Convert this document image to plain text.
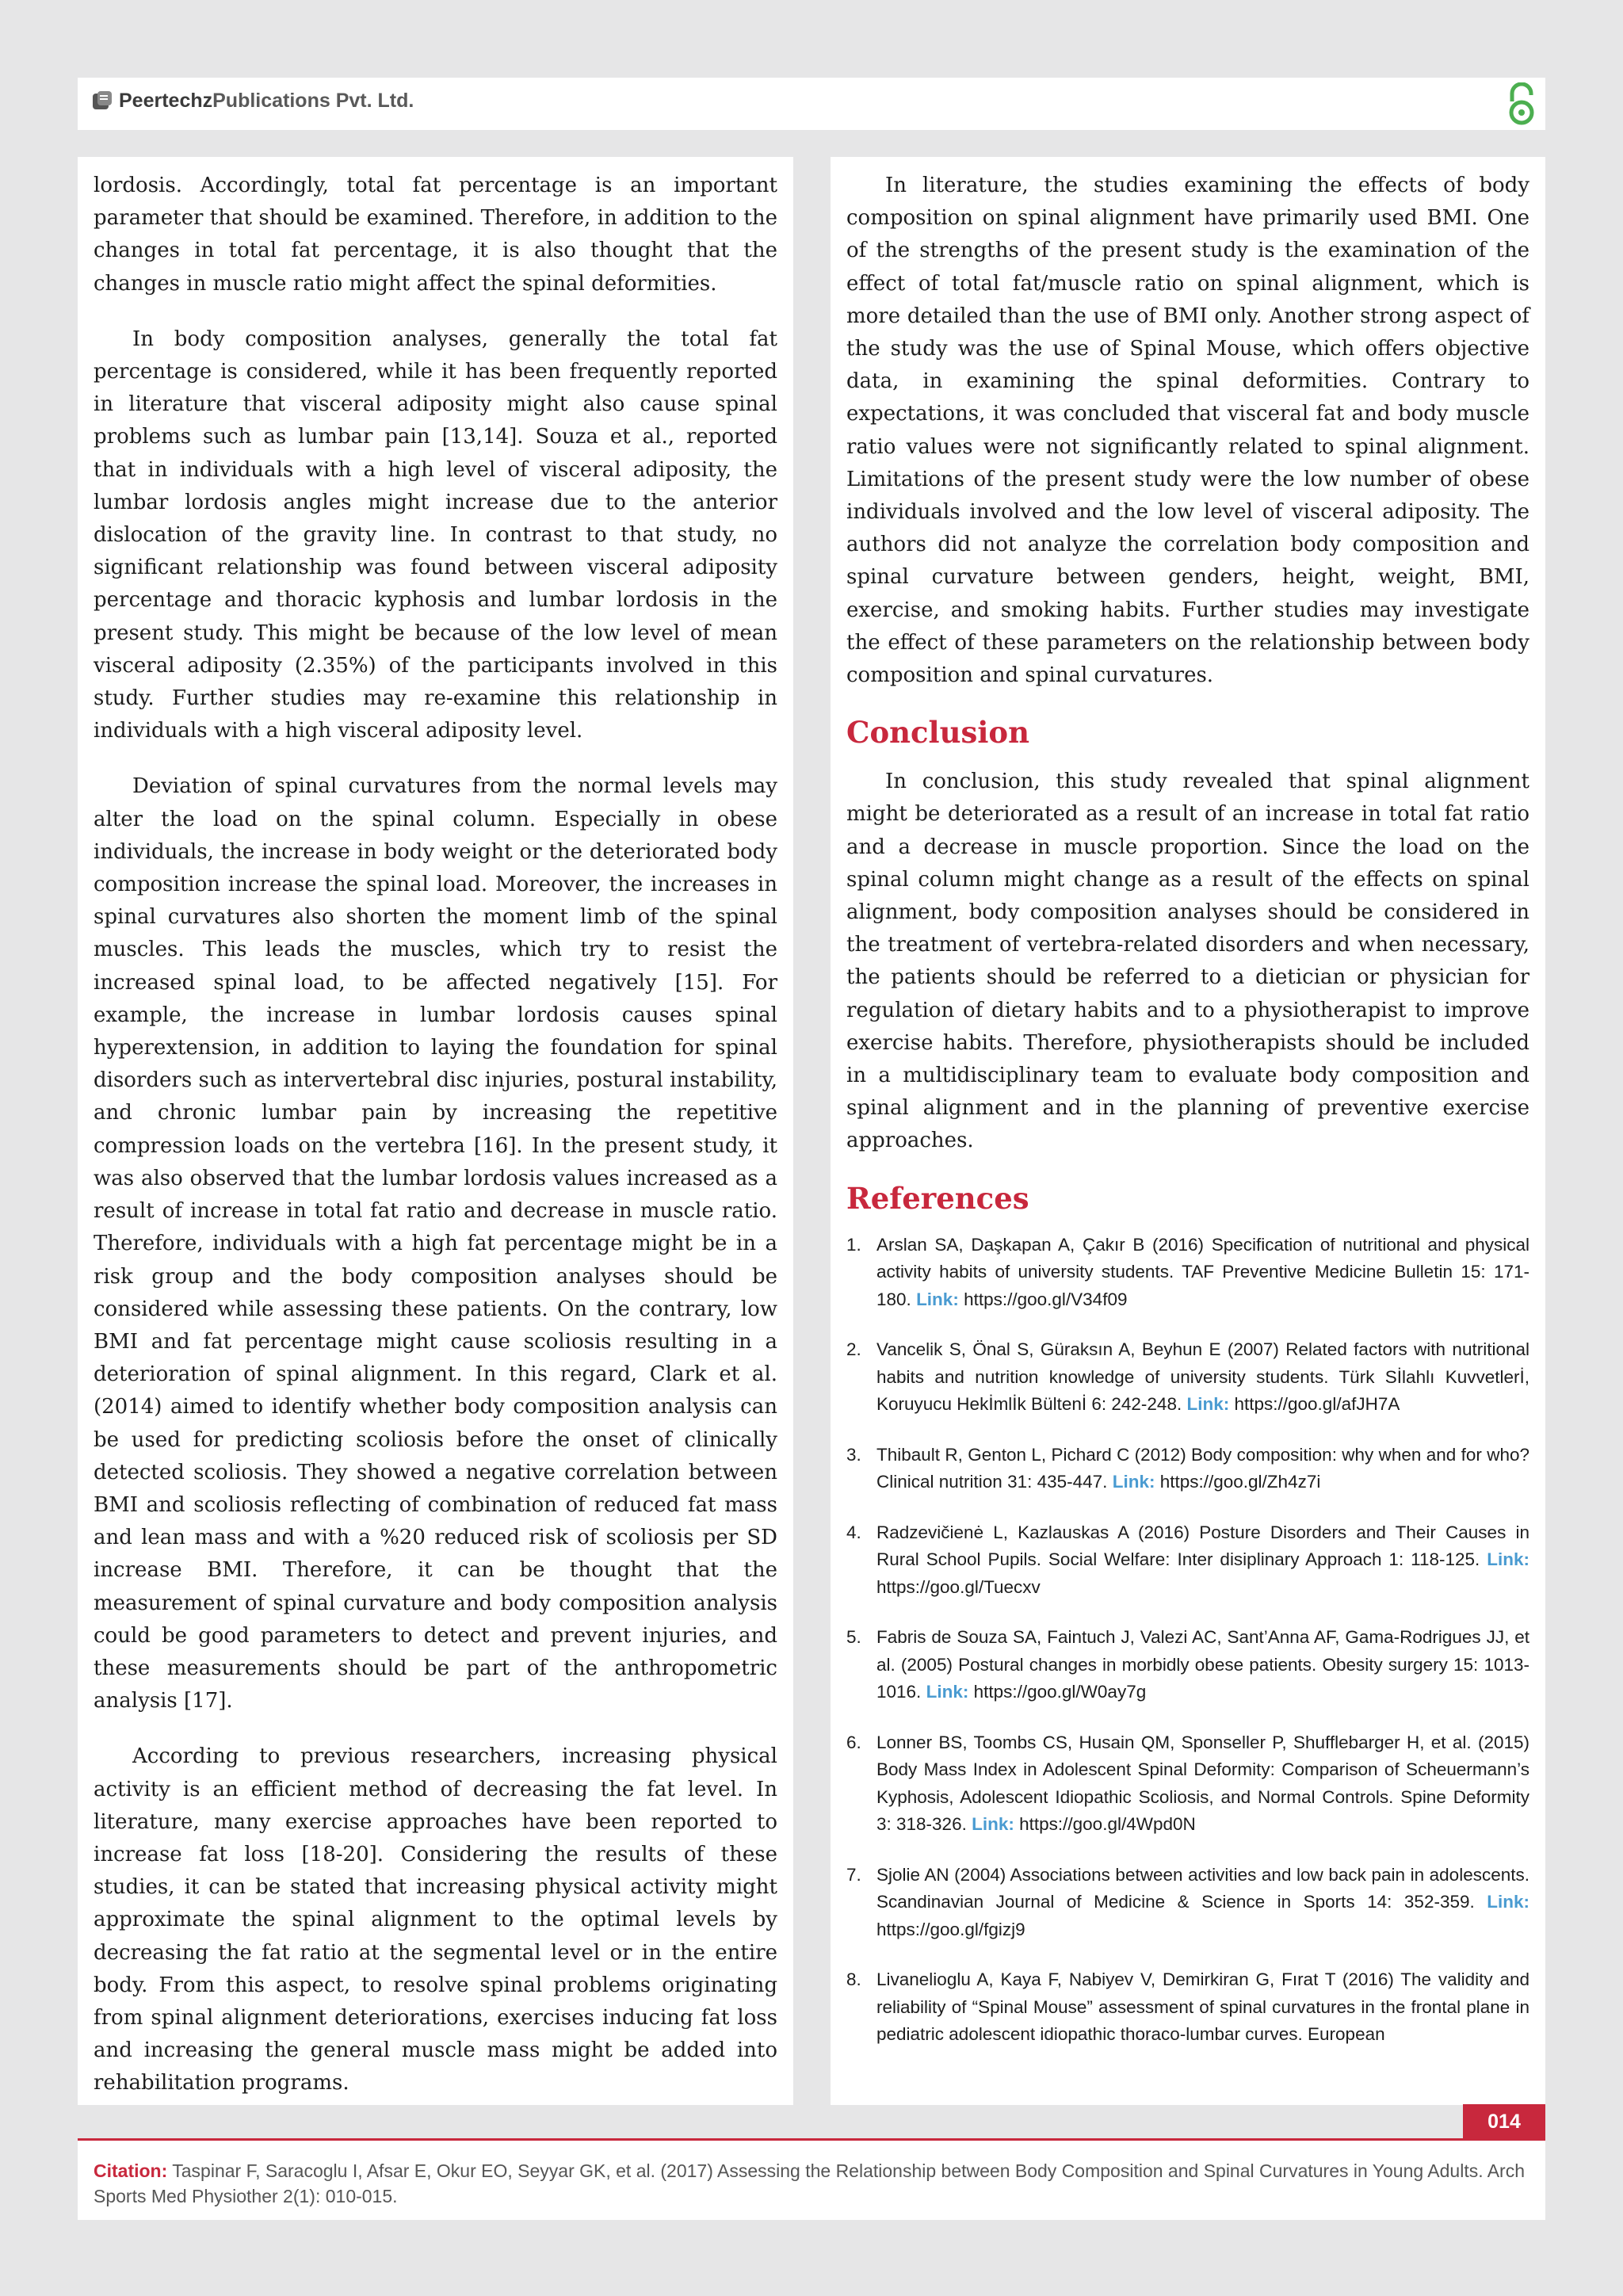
Peertechz Publications Pvt. Ltd.

lordosis. Accordingly, total fat percentage is an important parameter that should be examined. Therefore, in addition to the changes in total fat percentage, it is also thought that the changes in muscle ratio might affect the spinal deformities.

In body composition analyses, generally the total fat percentage is considered, while it has been frequently reported in literature that visceral adiposity might also cause spinal problems such as lumbar pain [13,14]. Souza et al., reported that in individuals with a high level of visceral adiposity, the lumbar lordosis angles might increase due to the anterior dislocation of the gravity line. In contrast to that study, no significant relationship was found between visceral adiposity percentage and thoracic kyphosis and lumbar lordosis in the present study. This might be because of the low level of mean visceral adiposity (2.35%) of the participants involved in this study. Further studies may re-examine this relationship in individuals with a high visceral adiposity level.

Deviation of spinal curvatures from the normal levels may alter the load on the spinal column. Especially in obese individuals, the increase in body weight or the deteriorated body composition increase the spinal load. Moreover, the increases in spinal curvatures also shorten the moment limb of the spinal muscles. This leads the muscles, which try to resist the increased spinal load, to be affected negatively [15]. For example, the increase in lumbar lordosis causes spinal hyperextension, in addition to laying the foundation for spinal disorders such as intervertebral disc injuries, postural instability, and chronic lumbar pain by increasing the repetitive compression loads on the vertebra [16]. In the present study, it was also observed that the lumbar lordosis values increased as a result of increase in total fat ratio and decrease in muscle ratio. Therefore, individuals with a high fat percentage might be in a risk group and the body composition analyses should be considered while assessing these patients. On the contrary, low BMI and fat percentage might cause scoliosis resulting in a deterioration of spinal alignment. In this regard, Clark et al. (2014) aimed to identify whether body composition analysis can be used for predicting scoliosis before the onset of clinically detected scoliosis. They showed a negative correlation between BMI and scoliosis reflecting of combination of reduced fat mass and lean mass and with a %20 reduced risk of scoliosis per SD increase BMI. Therefore, it can be thought that the measurement of spinal curvature and body composition analysis could be good parameters to detect and prevent injuries, and these measurements should be part of the anthropometric analysis [17].

According to previous researchers, increasing physical activity is an efficient method of decreasing the fat level. In literature, many exercise approaches have been reported to increase fat loss [18-20]. Considering the results of these studies, it can be stated that increasing physical activity might approximate the spinal alignment to the optimal levels by decreasing the fat ratio at the segmental level or in the entire body. From this aspect, to resolve spinal problems originating from spinal alignment deteriorations, exercises inducing fat loss and increasing the general muscle mass might be added into rehabilitation programs.

In literature, the studies examining the effects of body composition on spinal alignment have primarily used BMI. One of the strengths of the present study is the examination of the effect of total fat/muscle ratio on spinal alignment, which is more detailed than the use of BMI only. Another strong aspect of the study was the use of Spinal Mouse, which offers objective data, in examining the spinal deformities. Contrary to expectations, it was concluded that visceral fat and body muscle ratio values were not significantly related to spinal alignment. Limitations of the present study were the low number of obese individuals involved and the low level of visceral adiposity. The authors did not analyze the correlation body composition and spinal curvature between genders, height, weight, BMI, exercise, and smoking habits. Further studies may investigate the effect of these parameters on the relationship between body composition and spinal curvatures.

Conclusion

In conclusion, this study revealed that spinal alignment might be deteriorated as a result of an increase in total fat ratio and a decrease in muscle proportion. Since the load on the spinal column might change as a result of the effects on spinal alignment, body composition analyses should be considered in the treatment of vertebra-related disorders and when necessary, the patients should be referred to a dietician or physician for regulation of dietary habits and to a physiotherapist to improve exercise habits. Therefore, physiotherapists should be included in a multidisciplinary team to evaluate body composition and spinal alignment and in the planning of preventive exercise approaches.

References
1. Arslan SA, Daşkapan A, Çakır B (2016) Specification of nutritional and physical activity habits of university students. TAF Preventive Medicine Bulletin 15: 171-180. Link: https://goo.gl/V34f09
2. Vancelik S, Önal S, Güraksın A, Beyhun E (2007) Related factors with nutritional habits and nutrition knowledge of university students. Türk Sİlahlı Kuvvetlerİ, Koruyucu Hekİmlİk Bültenİ 6: 242-248. Link: https://goo.gl/afJH7A
3. Thibault R, Genton L, Pichard C (2012) Body composition: why when and for who? Clinical nutrition 31: 435-447. Link: https://goo.gl/Zh4z7i
4. Radzevičienė L, Kazlauskas A (2016) Posture Disorders and Their Causes in Rural School Pupils. Social Welfare: Inter disiplinary Approach 1: 118-125. Link: https://goo.gl/Tuecxv
5. Fabris de Souza SA, Faintuch J, Valezi AC, Sant’Anna AF, Gama-Rodrigues JJ, et al. (2005) Postural changes in morbidly obese patients. Obesity surgery 15: 1013-1016. Link: https://goo.gl/W0ay7g
6. Lonner BS, Toombs CS, Husain QM, Sponseller P, Shufflebarger H, et al. (2015) Body Mass Index in Adolescent Spinal Deformity: Comparison of Scheuermann’s Kyphosis, Adolescent Idiopathic Scoliosis, and Normal Controls. Spine Deformity 3: 318-326. Link: https://goo.gl/4Wpd0N
7. Sjolie AN (2004) Associations between activities and low back pain in adolescents. Scandinavian Journal of Medicine & Science in Sports 14: 352-359. Link: https://goo.gl/fgizj9
8. Livanelioglu A, Kaya F, Nabiyev V, Demirkiran G, Fırat T (2016) The validity and reliability of “Spinal Mouse” assessment of spinal curvatures in the frontal plane in pediatric adolescent idiopathic thoraco-lumbar curves. European
014
Citation: Taspinar F, Saracoglu I, Afsar E, Okur EO, Seyyar GK, et al. (2017) Assessing the Relationship between Body Composition and Spinal Curvatures in Young Adults. Arch Sports Med Physiother 2(1): 010-015.
